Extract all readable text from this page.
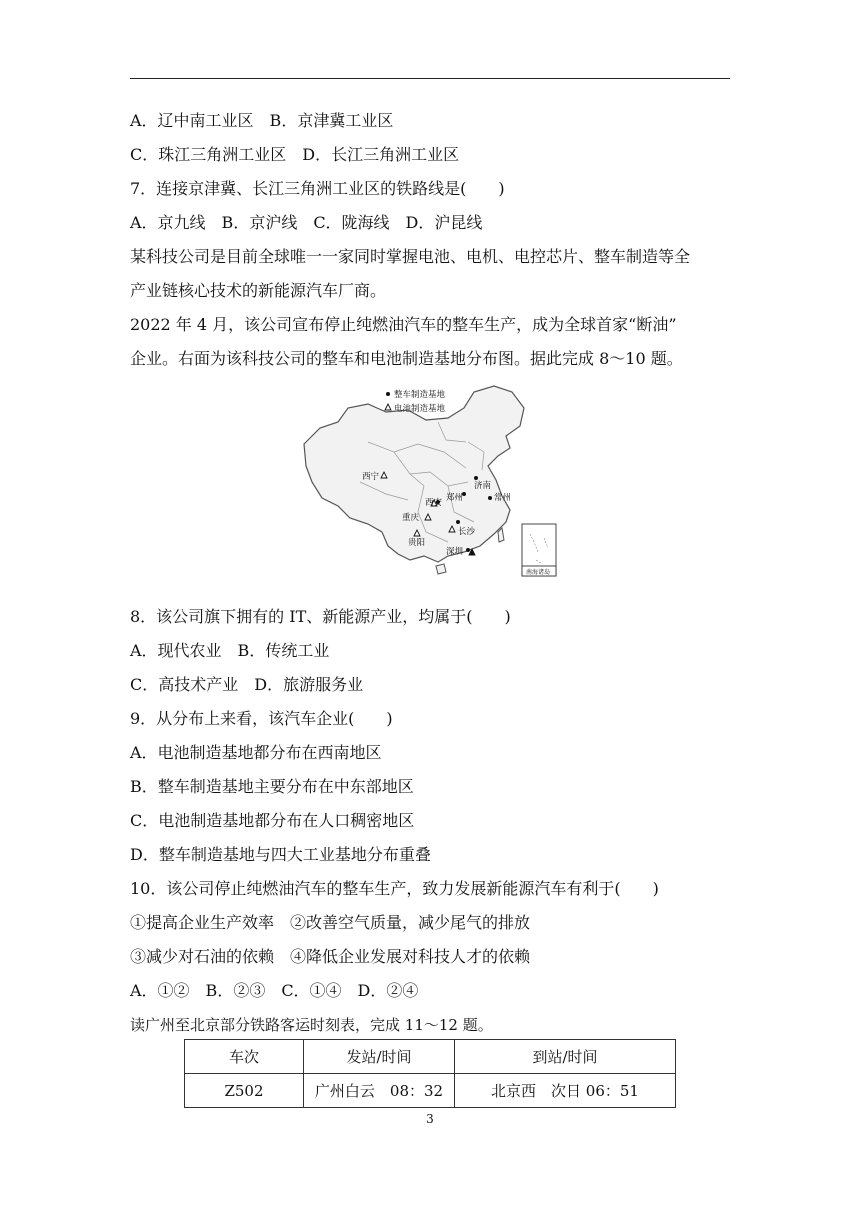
A．辽中南工业区　B．京津冀工业区
C．珠江三角洲工业区　D．长江三角洲工业区
7．连接京津冀、长江三角洲工业区的铁路线是(　　)
A．京九线　B．京沪线　C．陇海线　D．沪昆线
某科技公司是目前全球唯一一家同时掌握电池、电机、电控芯片、整车制造等全
产业链核心技术的新能源汽车厂商。
2022 年 4 月，该公司宣布停止纯燃油汽车的整车生产，成为全球首家“断油”
企业。右面为该科技公司的整车和电池制造基地分布图。据此完成 8～10 题。
整车制造基地
电池制造基地
西宁
济南
西安 郑州	常州
重庆
长沙
贵阳
深圳
南海诸岛
8．该公司旗下拥有的 IT、新能源产业，均属于(　　)
A．现代农业　B．传统工业
C．高技术产业　D．旅游服务业
9．从分布上来看，该汽车企业(　　)
A．电池制造基地都分布在西南地区
B．整车制造基地主要分布在中东部地区
C．电池制造基地都分布在人口稠密地区
D．整车制造基地与四大工业基地分布重叠
10．该公司停止纯燃油汽车的整车生产，致力发展新能源汽车有利于(　　)
①提高企业生产效率　②改善空气质量，减少尾气的排放
③减少对石油的依赖　④降低企业发展对科技人才的依赖
A．①②　B．②③　C．①④　D．②④
读广州至北京部分铁路客运时刻表，完成 11～12 题。
车次	发站/时间	到站/时间
Z502	广州白云　08：32	北京西　次日 06：51
3
